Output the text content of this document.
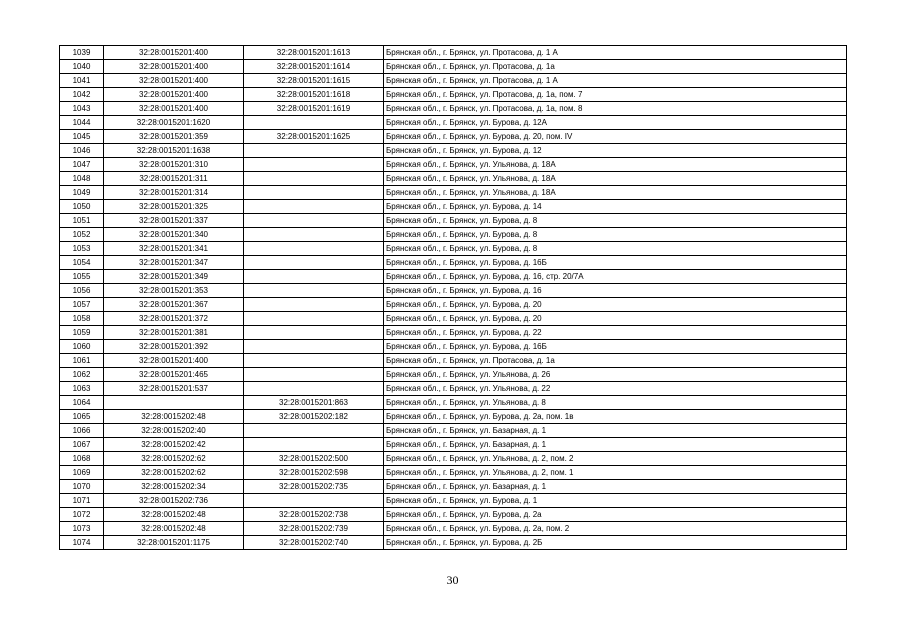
1039	32:28:0015201:400	32:28:0015201:1613	Брянская обл., г. Брянск, ул. Протасова, д. 1 А
1040	32:28:0015201:400	32:28:0015201:1614	Брянская обл., г. Брянск, ул. Протасова, д. 1а
1041	32:28:0015201:400	32:28:0015201:1615	Брянская обл., г. Брянск, ул. Протасова, д. 1 А
1042	32:28:0015201:400	32:28:0015201:1618	Брянская обл., г. Брянск, ул. Протасова, д. 1а, пом. 7
1043	32:28:0015201:400	32:28:0015201:1619	Брянская обл., г. Брянск, ул. Протасова, д. 1а, пом. 8
1044	32:28:0015201:1620		Брянская обл., г. Брянск, ул. Бурова, д. 12А
1045	32:28:0015201:359	32:28:0015201:1625	Брянская обл., г. Брянск, ул. Бурова, д. 20, пом. IV
1046	32:28:0015201:1638		Брянская обл., г. Брянск, ул. Бурова, д. 12
1047	32:28:0015201:310		Брянская обл., г. Брянск, ул. Ульянова, д. 18А
1048	32:28:0015201:311		Брянская обл., г. Брянск, ул. Ульянова, д. 18А
1049	32:28:0015201:314		Брянская обл., г. Брянск, ул. Ульянова, д. 18А
1050	32:28:0015201:325		Брянская обл., г. Брянск, ул. Бурова, д. 14
1051	32:28:0015201:337		Брянская обл., г. Брянск, ул. Бурова, д. 8
1052	32:28:0015201:340		Брянская обл., г. Брянск, ул. Бурова, д. 8
1053	32:28:0015201:341		Брянская обл., г. Брянск, ул. Бурова, д. 8
1054	32:28:0015201:347		Брянская обл., г. Брянск, ул. Бурова, д. 16Б
1055	32:28:0015201:349		Брянская обл., г. Брянск, ул. Бурова, д. 16, стр. 20/7А
1056	32:28:0015201:353		Брянская обл., г. Брянск, ул. Бурова, д. 16
1057	32:28:0015201:367		Брянская обл., г. Брянск, ул. Бурова, д. 20
1058	32:28:0015201:372		Брянская обл., г. Брянск, ул. Бурова, д. 20
1059	32:28:0015201:381		Брянская обл., г. Брянск, ул. Бурова, д. 22
1060	32:28:0015201:392		Брянская обл., г. Брянск, ул. Бурова, д. 16Б
1061	32:28:0015201:400		Брянская обл., г. Брянск, ул. Протасова, д. 1а
1062	32:28:0015201:465		Брянская обл., г. Брянск, ул. Ульянова, д. 26
1063	32:28:0015201:537		Брянская обл., г. Брянск, ул. Ульянова, д. 22
1064		32:28:0015201:863	Брянская обл., г. Брянск, ул. Ульянова, д. 8
1065	32:28:0015202:48	32:28:0015202:182	Брянская обл., г. Брянск, ул. Бурова, д. 2а, пом. 1в
1066	32:28:0015202:40		Брянская обл., г. Брянск, ул. Базарная, д. 1
1067	32:28:0015202:42		Брянская обл., г. Брянск, ул. Базарная, д. 1
1068	32:28:0015202:62	32:28:0015202:500	Брянская обл., г. Брянск, ул. Ульянова, д. 2, пом. 2
1069	32:28:0015202:62	32:28:0015202:598	Брянская обл., г. Брянск, ул. Ульянова, д. 2, пом. 1
1070	32:28:0015202:34	32:28:0015202:735	Брянская обл., г. Брянск, ул. Базарная, д. 1
1071	32:28:0015202:736		Брянская обл., г. Брянск, ул. Бурова, д. 1
1072	32:28:0015202:48	32:28:0015202:738	Брянская обл., г. Брянск, ул. Бурова, д. 2а
1073	32:28:0015202:48	32:28:0015202:739	Брянская обл., г. Брянск, ул. Бурова, д. 2а, пом. 2
1074	32:28:0015201:1175	32:28:0015202:740	Брянская обл., г. Брянск, ул. Бурова, д. 2Б
30
